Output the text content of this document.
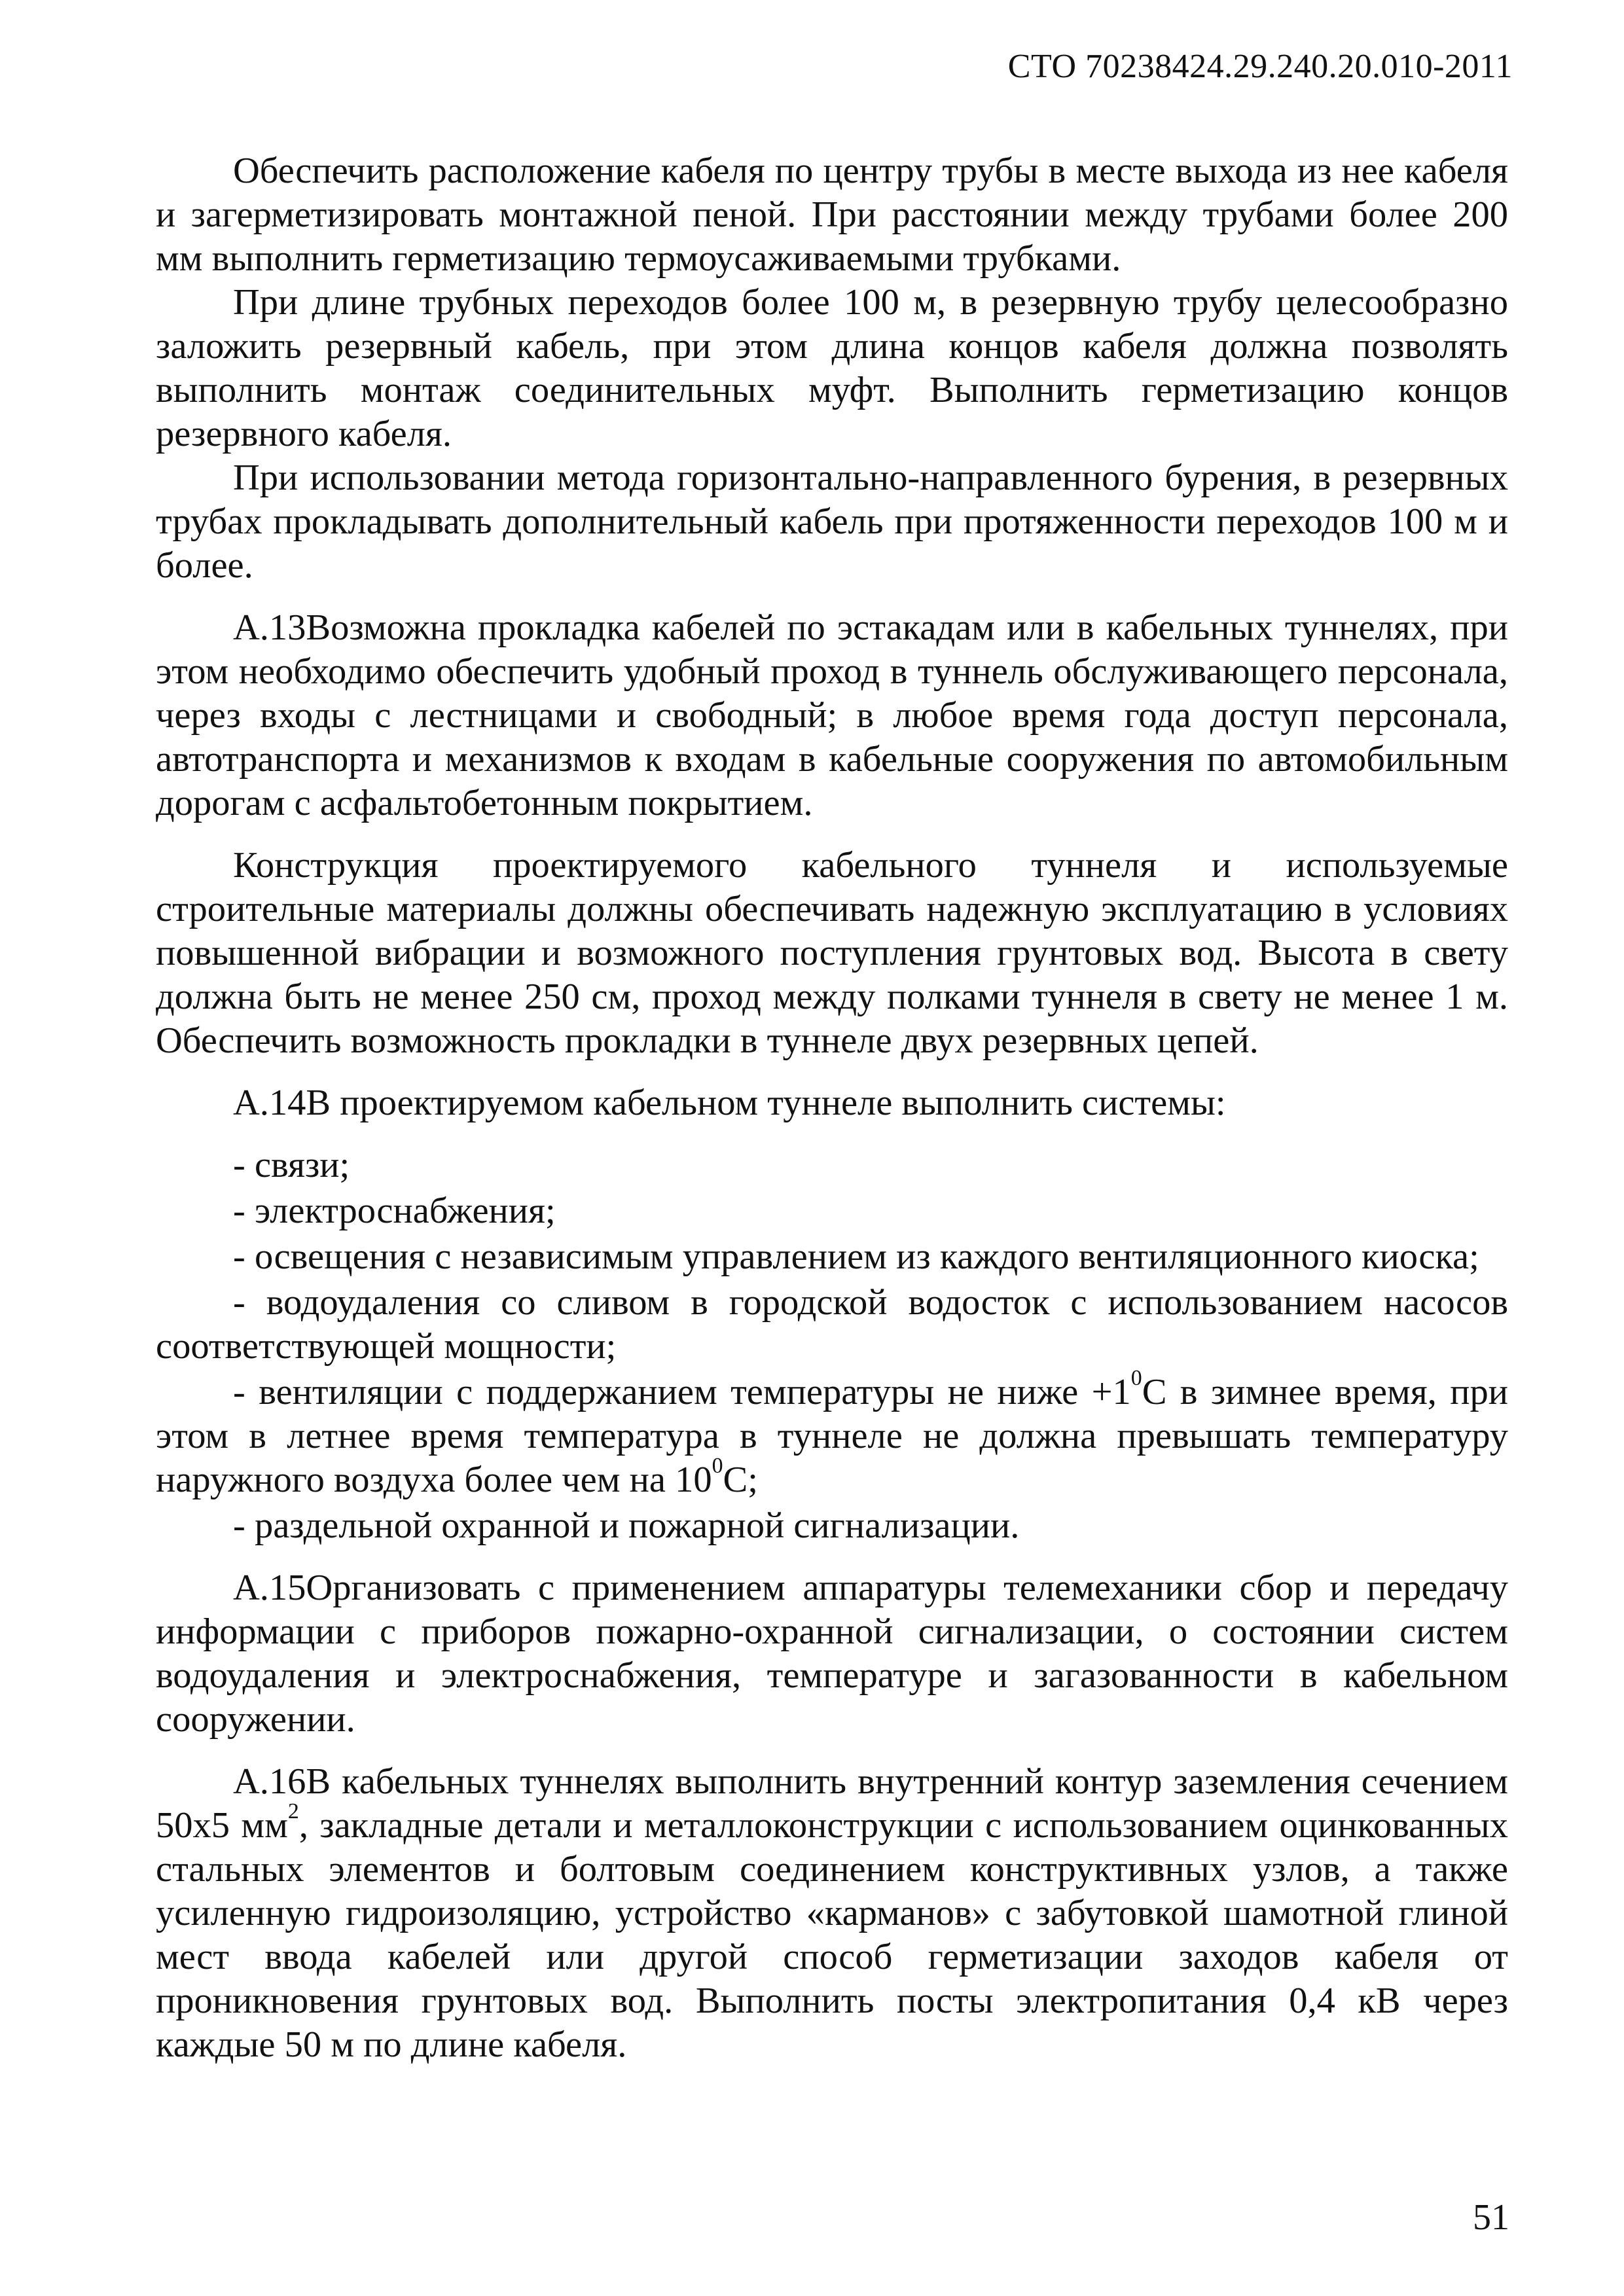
СТО 70238424.29.240.20.010-2011

Обеспечить расположение кабеля по центру трубы в месте выхода из нее кабеля и загерметизировать монтажной пеной. При расстоянии между трубами более 200 мм выполнить герметизацию термоусаживаемыми трубками.

При длине трубных переходов более 100 м, в резервную трубу целесообразно заложить резервный кабель, при этом длина концов кабеля должна позволять выполнить монтаж соединительных муфт. Выполнить герметизацию концов резервного кабеля.

При использовании метода горизонтально-направленного бурения, в резервных трубах прокладывать дополнительный кабель при протяженности переходов 100 м и более.

А.13Возможна прокладка кабелей по эстакадам или в кабельных туннелях, при этом необходимо обеспечить удобный проход в туннель обслуживающего персонала, через входы с лестницами и свободный; в любое время года доступ персонала, автотранспорта и механизмов к входам в кабельные сооружения по автомобильным дорогам с асфальтобетонным покрытием.

Конструкция проектируемого кабельного туннеля и используемые строительные материалы должны обеспечивать надежную эксплуатацию в условиях повышенной вибрации и возможного поступления грунтовых вод. Высота в свету должна быть не менее 250 см, проход между полками туннеля в свету не менее 1 м. Обеспечить возможность прокладки в туннеле двух резервных цепей.

А.14В проектируемом кабельном туннеле выполнить системы:

- связи;

- электроснабжения;

- освещения с независимым управлением из каждого вентиляционного киоска;

- водоудаления со сливом в городской водосток с использованием насосов соответствующей мощности;

- вентиляции с поддержанием температуры не ниже $+1^0С$ в зимнее время, при этом в летнее время температура в туннеле не должна превышать температуру наружного воздуха более чем на $10^0С$;

- раздельной охранной и пожарной сигнализации.

А.15Организовать с применением аппаратуры телемеханики сбор и передачу информации с приборов пожарно-охранной сигнализации, о состоянии систем водоудаления и электроснабжения, температуре и загазованности в кабельном сооружении.

А.16В кабельных туннелях выполнить внутренний контур заземления сечением 50х5 $мм^2$, закладные детали и металлоконструкции с использованием оцинкованных стальных элементов и болтовым соединением конструктивных узлов, а также усиленную гидроизоляцию, устройство «карманов» с забутовкой шамотной глиной мест ввода кабелей или другой способ герметизации заходов кабеля от проникновения грунтовых вод. Выполнить посты электропитания 0,4 кВ через каждые 50 м по длине кабеля.

51
